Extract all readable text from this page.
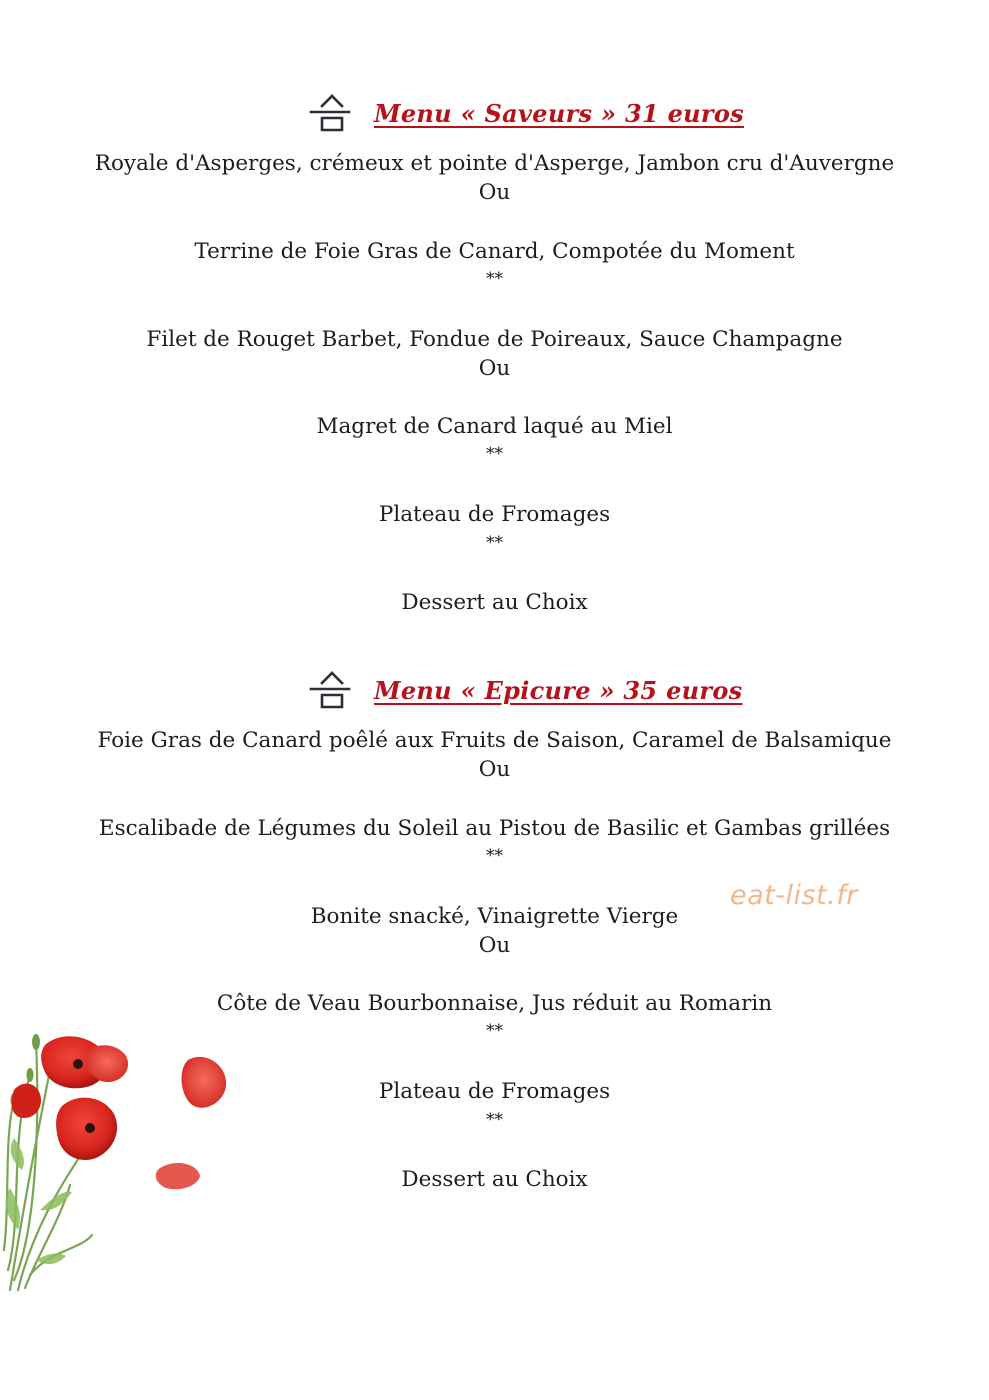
Menu « Saveurs » 31 euros
Royale d'Asperges, crémeux et pointe d'Asperge, Jambon cru d'Auvergne
Ou
Terrine de Foie Gras de Canard, Compotée du Moment
**
Filet de Rouget Barbet, Fondue de Poireaux, Sauce Champagne
Ou
Magret de Canard laqué au Miel
**
Plateau de Fromages
**
Dessert au Choix
Menu « Epicure » 35 euros
Foie Gras de Canard poêlé aux Fruits de Saison, Caramel de Balsamique
Ou
Escalibade de Légumes du Soleil au Pistou de Basilic et Gambas grillées
**
Bonite snacké, Vinaigrette Vierge
Ou
Côte de Veau Bourbonnaise, Jus réduit au Romarin
**
Plateau de Fromages
**
Dessert au Choix
eat-list.fr
